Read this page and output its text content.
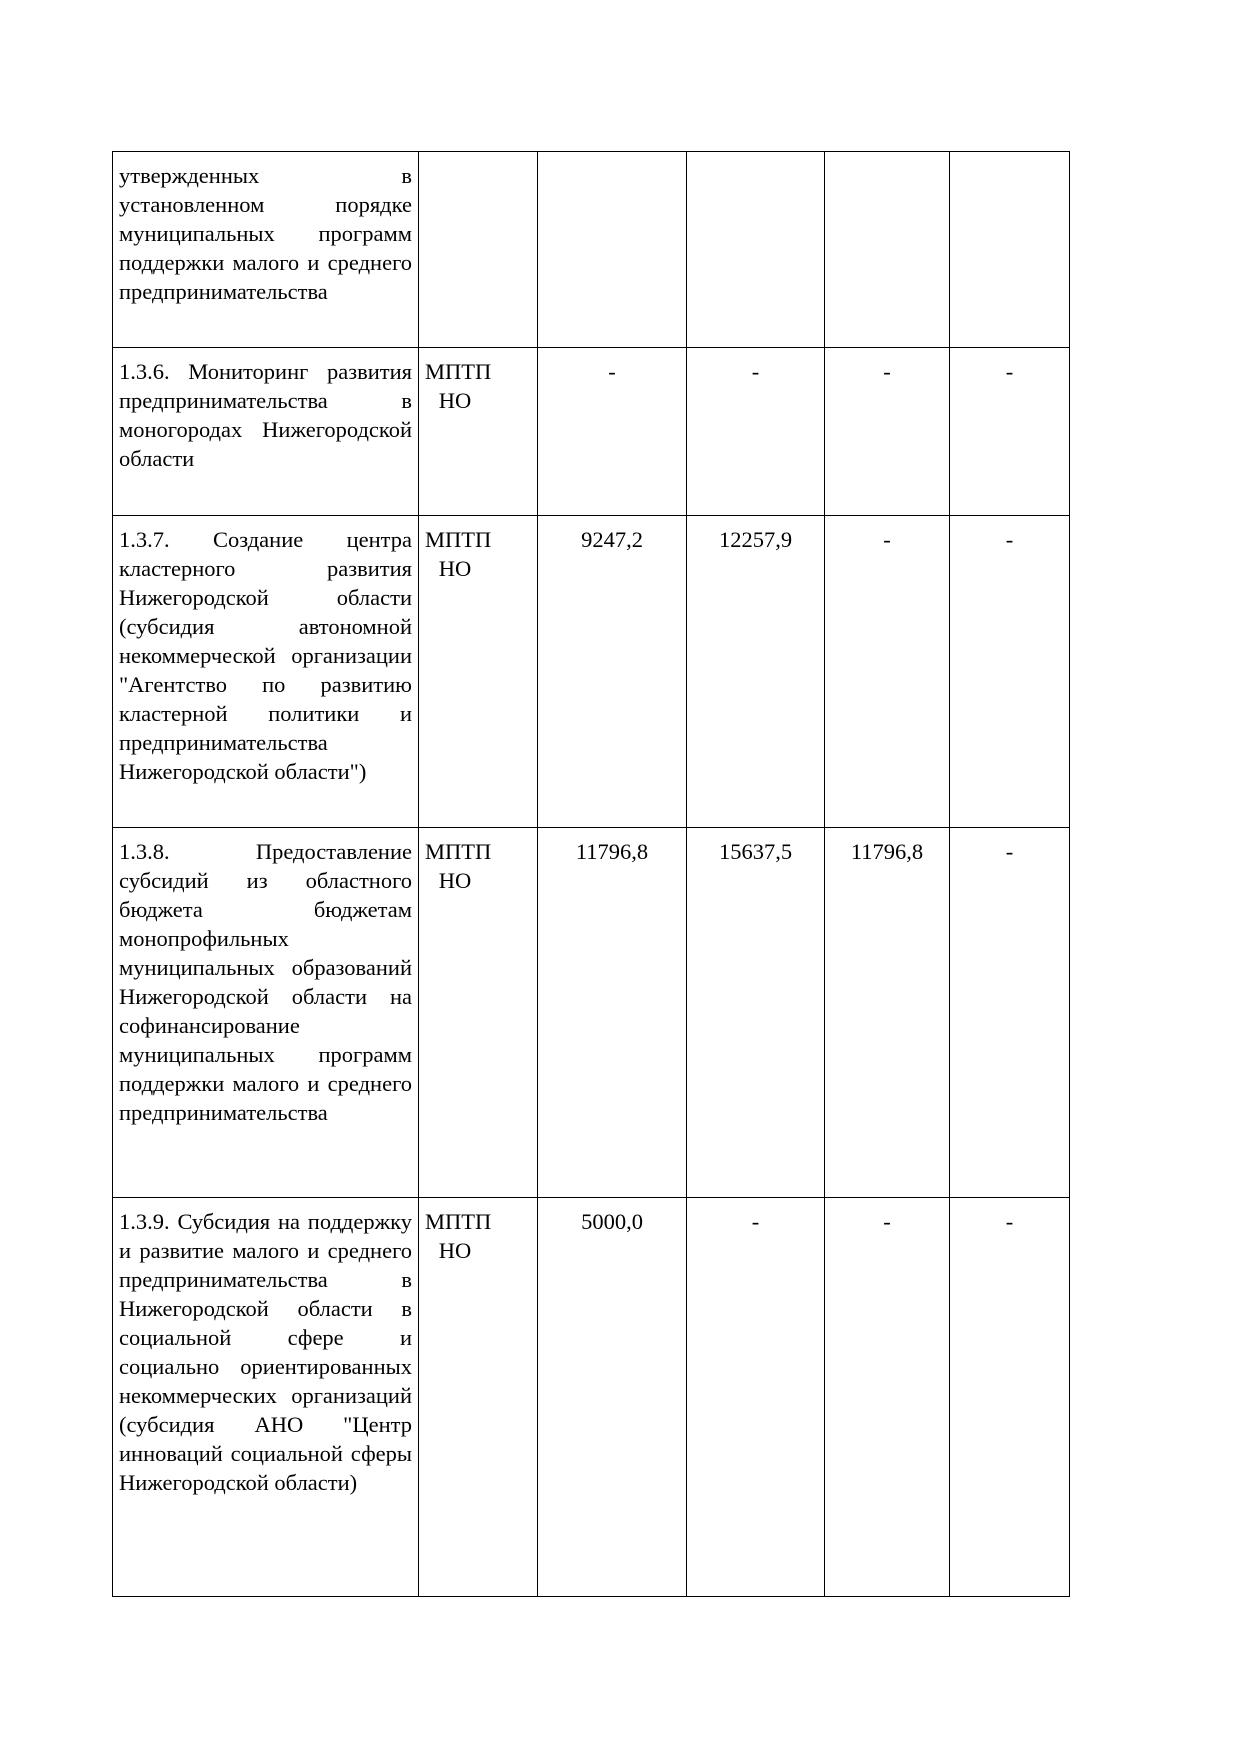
утвержденных в установленном порядке муниципальных программ поддержки малого и среднего предпринимательства	

1.3.6. Мониторинг развития предпринимательства в моногородах Нижегородской области	МПТП НО	-	-	-	-
1.3.7. Создание центра кластерного развития Нижегородской области (субсидия автономной некоммерческой организации "Агентство по развитию кластерной политики и предпринимательства Нижегородской области")	МПТП НО	9247,2	12257,9	-	-
1.3.8. Предоставление субсидий из областного бюджета бюджетам монопрофильных муниципальных образований Нижегородской области на софинансирование муниципальных программ поддержки малого и среднего предпринимательства	МПТП НО	11796,8	15637,5	11796,8	-
1.3.9. Субсидия на поддержку и развитие малого и среднего предпринимательства в Нижегородской области в социальной сфере и социально ориентированных некоммерческих организаций (субсидия АНО "Центр инноваций социальной сферы Нижегородской области)	МПТП НО	5000,0	-	-	-
